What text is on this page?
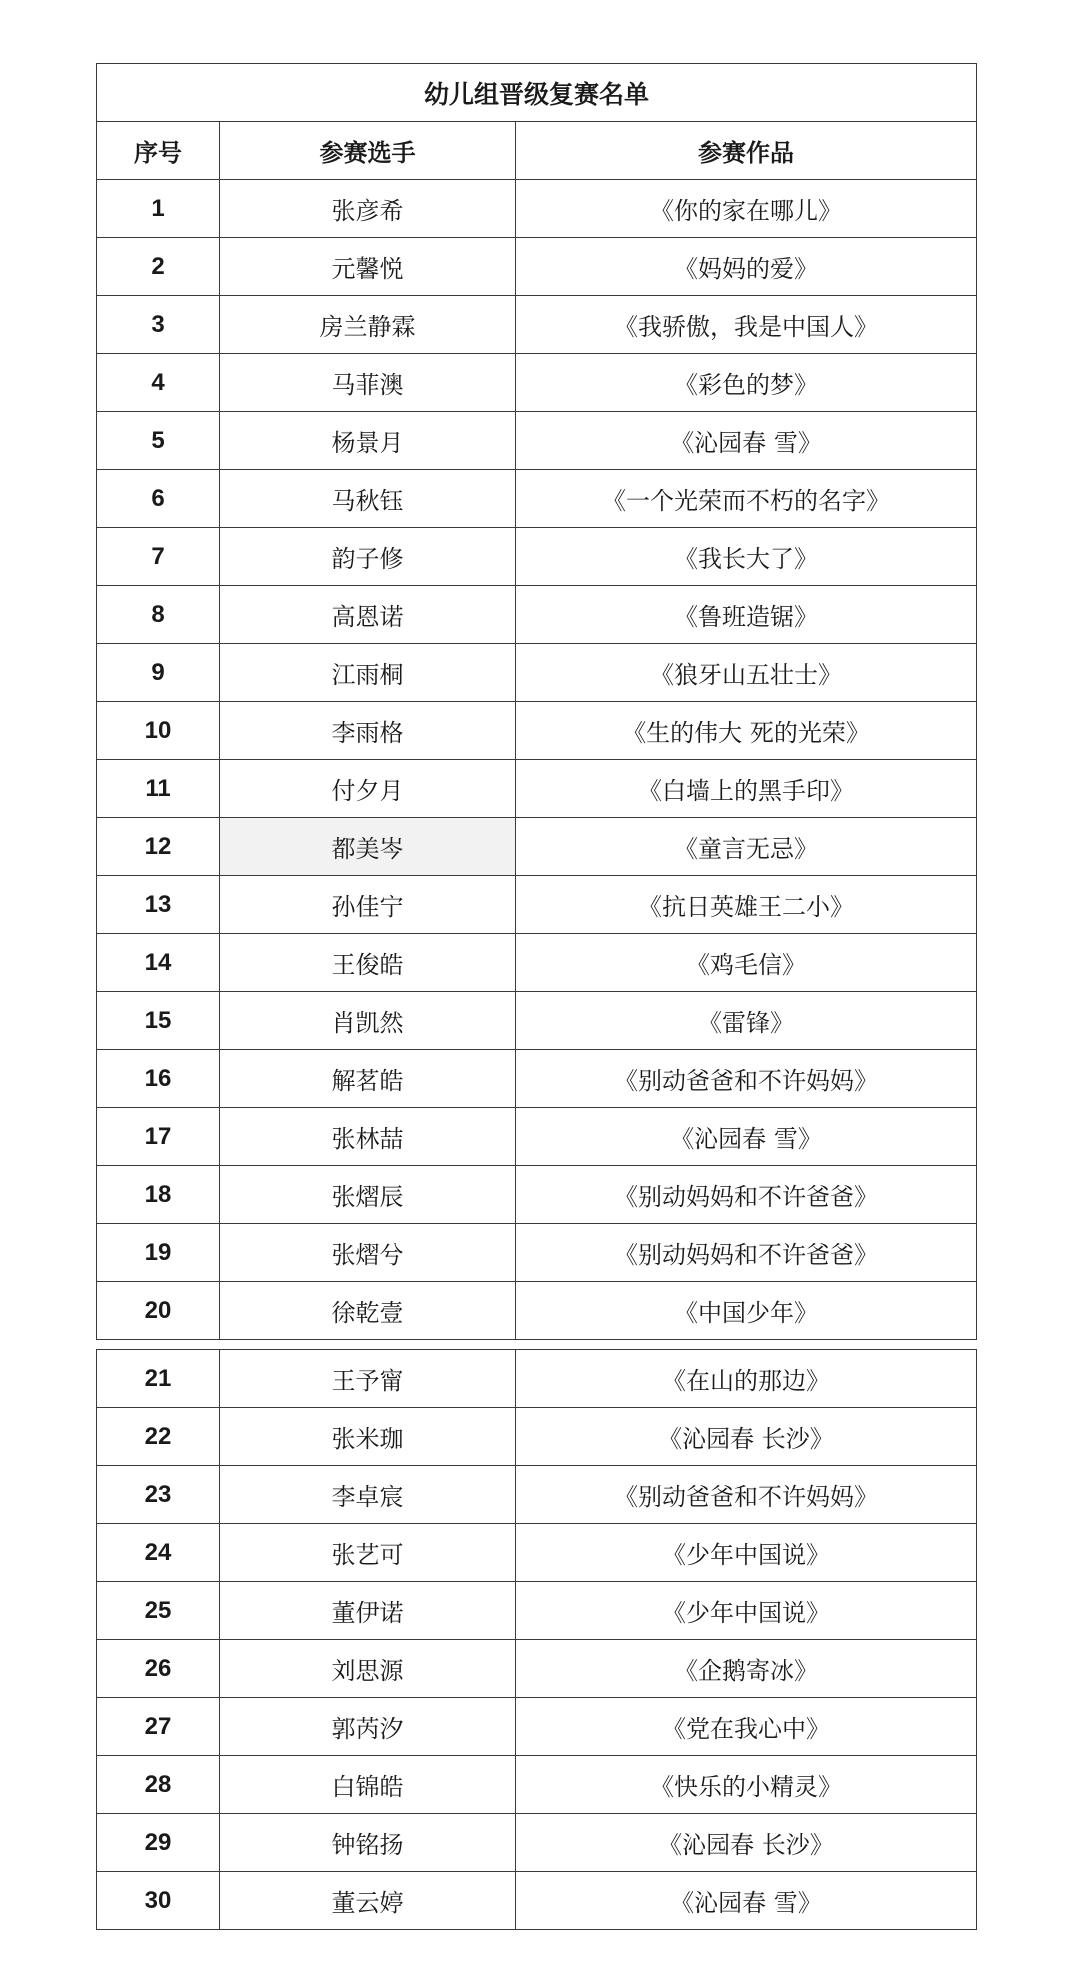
幼儿组晋级复赛名单		
序号	参赛选手	参赛作品
1	张彦希	《你的家在哪儿》
2	元馨悦	《妈妈的爱》
3	房兰静霖	《我骄傲，我是中国人》
4	马菲澳	《彩色的梦》
5	杨景月	《沁园春 雪》
6	马秋钰	《一个光荣而不朽的名字》
7	韵子修	《我长大了》
8	高恩诺	《鲁班造锯》
9	江雨桐	《狼牙山五壮士》
10	李雨格	《生的伟大 死的光荣》
11	付夕月	《白墙上的黑手印》
12	都美岑	《童言无忌》
13	孙佳宁	《抗日英雄王二小》
14	王俊皓	《鸡毛信》
15	肖凯然	《雷锋》
16	解茗皓	《别动爸爸和不许妈妈》
17	张林喆	《沁园春 雪》
18	张熠辰	《别动妈妈和不许爸爸》
19	张熠兮	《别动妈妈和不许爸爸》
20	徐乾壹	《中国少年》
21	王予甯	《在山的那边》
22	张米珈	《沁园春 长沙》
23	李卓宸	《别动爸爸和不许妈妈》
24	张艺可	《少年中国说》
25	董伊诺	《少年中国说》
26	刘思源	《企鹅寄冰》
27	郭芮汐	《党在我心中》
28	白锦皓	《快乐的小精灵》
29	钟铭扬	《沁园春 长沙》
30	董云婷	《沁园春 雪》
